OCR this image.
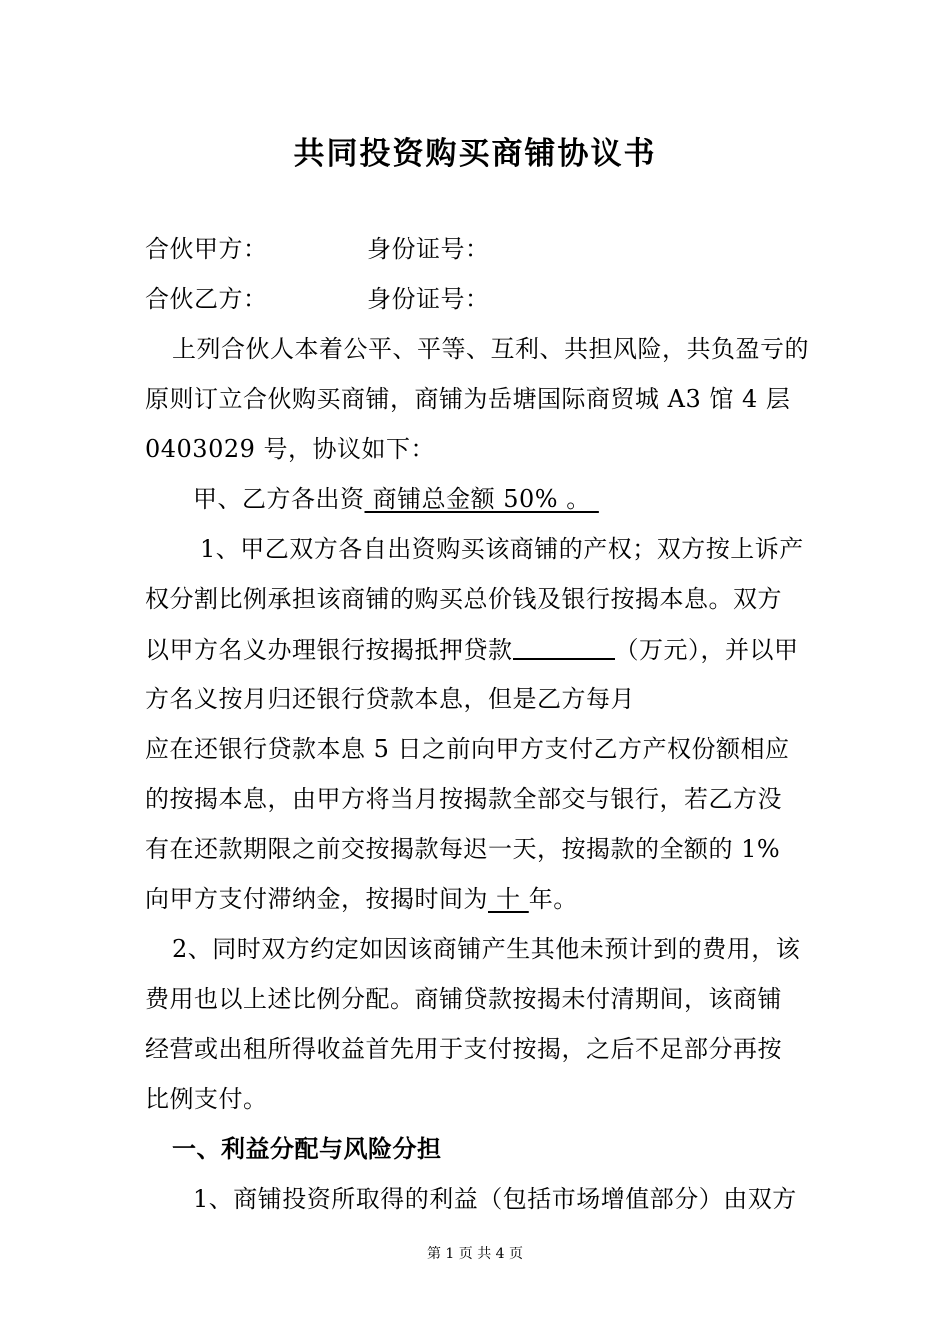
共同投资购买商铺协议书
合伙甲方：	身份证号：
合伙乙方：	身份证号：
上列合伙人本着公平、平等、互利、共担风险，共负盈亏的
原则订立合伙购买商铺，商铺为岳塘国际商贸城 A3 馆 4 层
0403029 号，协议如下：
甲、乙方各出资 商铺总金额 50% 。
1、甲乙双方各自出资购买该商铺的产权；双方按上诉产
权分割比例承担该商铺的购买总价钱及银行按揭本息。双方
以甲方名义办理银行按揭抵押贷款	（万元），并以甲
方名义按月归还银行贷款本息，但是乙方每月
应在还银行贷款本息 5 日之前向甲方支付乙方产权份额相应
的按揭本息，由甲方将当月按揭款全部交与银行，若乙方没
有在还款期限之前交按揭款每迟一天，按揭款的全额的 1%
向甲方支付滞纳金，按揭时间为 十 年。
2、同时双方约定如因该商铺产生其他未预计到的费用，该
费用也以上述比例分配。商铺贷款按揭未付清期间，该商铺
经营或出租所得收益首先用于支付按揭，之后不足部分再按
比例支付。
一、利益分配与风险分担
1、商铺投资所取得的利益（包括市场增值部分）由双方
第 1 页 共 4 页
